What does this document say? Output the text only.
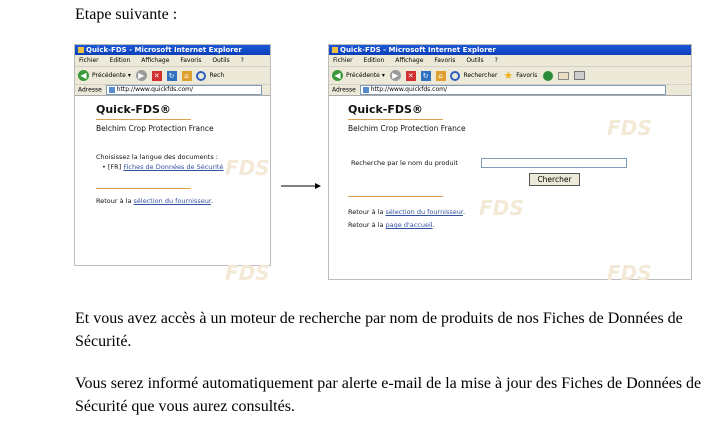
Etape suivante :
Quick-FDS - Microsoft Internet Explorer
Fichier Edition Affichage Favoris Outils ?
◀ Précédente ▾ ▶ ✕ ↻ ⌂	Rech
Adresse http://www.quickfds.com/
FDS
FDS
Quick-FDS®
Belchim Crop Protection France
Choisissez la langue des documents :
• [FR] Fiches de Données de Sécurité
Retour à la sélection du fournisseur.
Quick-FDS - Microsoft Internet Explorer
Fichier Edition Affichage Favoris Outils ?
◀ Précédente ▾ ▶ ✕ ↻ ⌂	Rechercher ★ Favoris
Adresse http://www.quickfds.com/
FDS
FDS
FDS
Quick-FDS®
Belchim Crop Protection France
Recherche par le nom du produit
Chercher
Retour à la sélection du fournisseur.
Retour à la page d'accueil.
Et vous avez accès à un moteur de recherche par nom de produits de nos Fiches de Données de Sécurité.
Vous serez informé automatiquement par alerte e-mail de la mise à jour des Fiches de Données de Sécurité que vous aurez consultés.
